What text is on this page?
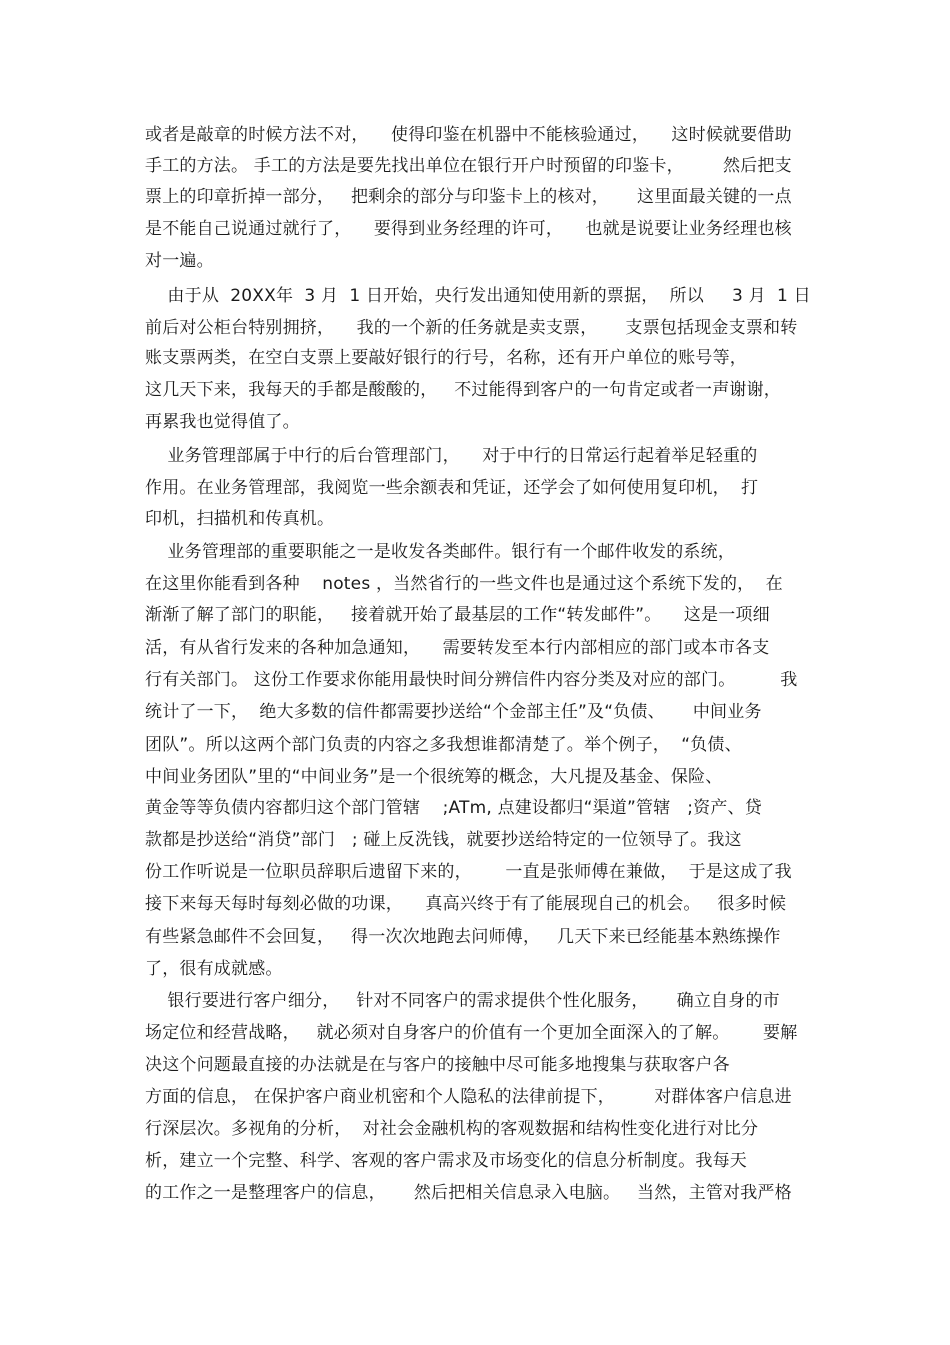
或者是敲章的时候方法不对，    使得印鉴在机器中不能核验通过，    这时候就要借助
手工的方法。 手工的方法是要先找出单位在银行开户时预留的印鉴卡，       然后把支
票上的印章折掉一部分，   把剩余的部分与印鉴卡上的核对，     这里面最关键的一点
是不能自己说通过就行了，    要得到业务经理的许可，    也就是说要让业务经理也核
对一遍。
由于从  20XX年  3 月  1 日开始，央行发出通知使用新的票据，  所以     3 月  1 日
前后对公柜台特别拥挤，    我的一个新的任务就是卖支票，     支票包括现金支票和转
账支票两类，在空白支票上要敲好银行的行号，名称，还有开户单位的账号等，
这几天下来，我每天的手都是酸酸的，   不过能得到客户的一句肯定或者一声谢谢，
再累我也觉得值了。
业务管理部属于中行的后台管理部门，    对于中行的日常运行起着举足轻重的
作用。在业务管理部，我阅览一些余额表和凭证，还学会了如何使用复印机，  打
印机，扫描机和传真机。
业务管理部的重要职能之一是收发各类邮件。银行有一个邮件收发的系统，
在这里你能看到各种    notes ，当然省行的一些文件也是通过这个系统下发的，  在
渐渐了解了部门的职能，   接着就开始了最基层的工作“转发邮件”。    这是一项细
活，有从省行发来的各种加急通知，    需要转发至本行内部相应的部门或本市各支
行有关部门。 这份工作要求你能用最快时间分辨信件内容分类及对应的部门。        我
统计了一下，  绝大多数的信件都需要抄送给“个金部主任”及“负债、     中间业务
团队”。所以这两个部门负责的内容之多我想谁都清楚了。举个例子，  “负债、
中间业务团队”里的“中间业务”是一个很统筹的概念，大凡提及基金、保险、
黄金等等负债内容都归这个部门管辖    ;ATm, 点建设都归“渠道”管辖   ;资产、贷
款都是抄送给“消贷”部门   ; 碰上反洗钱，就要抄送给特定的一位领导了。我这
份工作听说是一位职员辞职后遗留下来的，      一直是张师傅在兼做，  于是这成了我
接下来每天每时每刻必做的功课，    真高兴终于有了能展现自己的机会。   很多时候
有些紧急邮件不会回复，   得一次次地跑去问师傅，   几天下来已经能基本熟练操作
了，很有成就感。
银行要进行客户细分，   针对不同客户的需求提供个性化服务，     确立自身的市
场定位和经营战略，   就必须对自身客户的价值有一个更加全面深入的了解。      要解
决这个问题最直接的办法就是在与客户的接触中尽可能多地搜集与获取客户各
方面的信息， 在保护客户商业机密和个人隐私的法律前提下，       对群体客户信息进
行深层次。多视角的分析，  对社会金融机构的客观数据和结构性变化进行对比分
析，建立一个完整、科学、客观的客户需求及市场变化的信息分析制度。我每天
的工作之一是整理客户的信息，     然后把相关信息录入电脑。   当然，主管对我严格
